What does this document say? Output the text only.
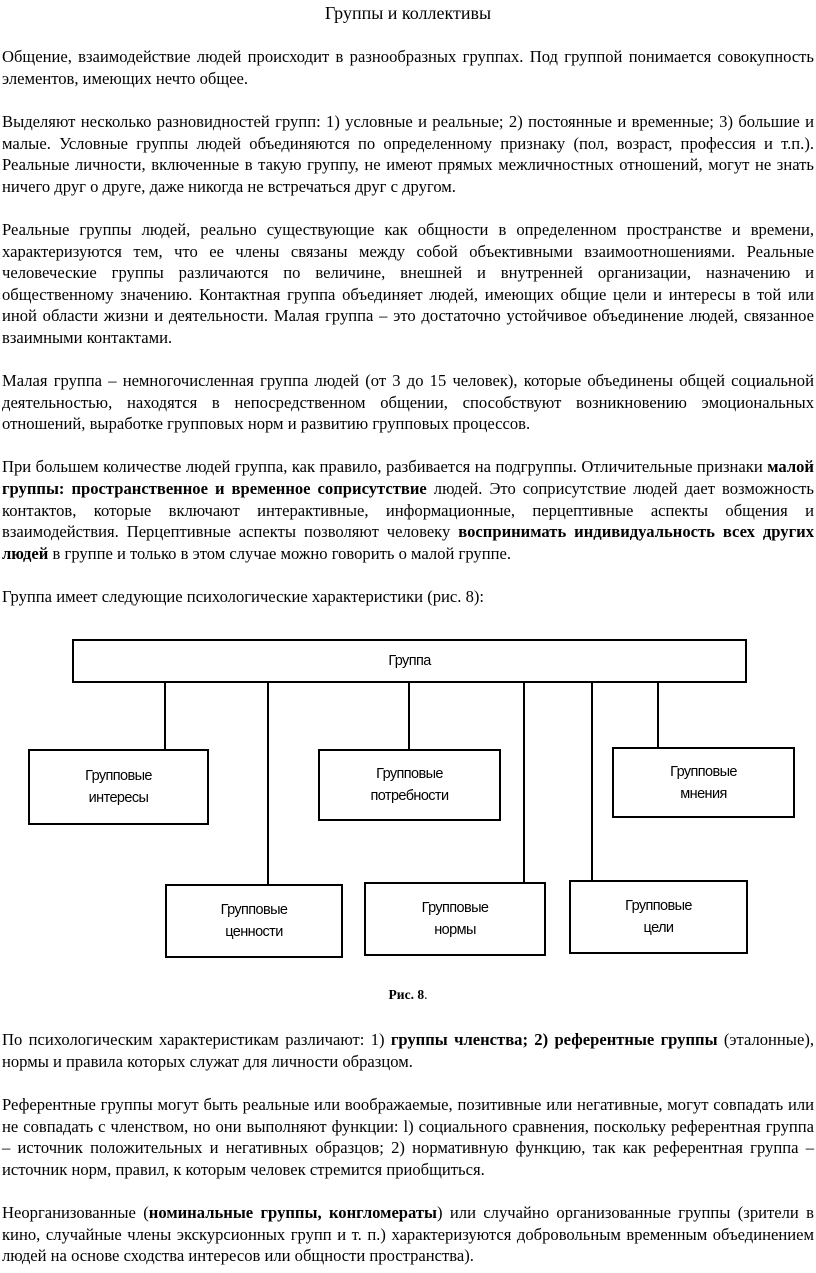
Группы и коллективы

Общение, взаимодействие людей происходит в разнообразных группах. Под группой понимается совокупность элементов, имеющих нечто общее.

Выделяют несколько разновидностей групп: 1) условные и реальные; 2) постоянные и временные; 3) большие и малые. Условные группы людей объединяются по определенному признаку (пол, возраст, профессия и т.п.). Реальные личности, включенные в такую группу, не имеют прямых межличностных отношений, могут не знать ничего друг о друге, даже никогда не встречаться друг с другом.

Реальные группы людей, реально существующие как общности в определенном пространстве и времени, характеризуются тем, что ее члены связаны между собой объективными взаимоотношениями. Реальные человеческие группы различаются по величине, внешней и внутренней организации, назначению и общественному значению. Контактная группа объединяет людей, имеющих общие цели и интересы в той или иной области жизни и деятельности. Малая группа – это достаточно устойчивое объединение людей, связанное взаимными контактами.

Малая группа – немногочисленная группа людей (от 3 до 15 человек), которые объединены общей социальной деятельностью, находятся в непосредственном общении, способствуют возникновению эмоциональных отношений, выработке групповых норм и развитию групповых процессов.

При большем количестве людей группа, как правило, разбивается на подгруппы. Отличительные признаки малой группы: пространственное и временное соприсутствие людей. Это соприсутствие людей дает возможность контактов, которые включают интерактивные, информационные, перцептивные аспекты общения и взаимодействия. Перцептивные аспекты позволяют человеку воспринимать индивидуальность всех других людей в группе и только в этом случае можно говорить о малой группе.

Группа имеет следующие психологические характеристики (рис. 8):

Группа
Групповые
интересы
Групповые
потребности
Групповые
мнения
Групповые
ценности
Групповые
нормы
Групповые
цели
Рис. 8.

По психологическим характеристикам различают: 1) группы членства; 2) референтные группы (эталонные), нормы и правила которых служат для личности образцом.

Референтные группы могут быть реальные или воображаемые, позитивные или негативные, могут совпадать или не совпадать с членством, но они выполняют функции: l) социального сравнения, поскольку референтная группа – источник положительных и негативных образцов; 2) нормативную функцию, так как референтная группа – источник норм, правил, к которым человек стремится приобщиться.

Неорганизованные (номинальные группы, конгломераты) или случайно организованные группы (зрители в кино, случайные члены экскурсионных групп и т. п.) характеризуются добровольным временным объединением людей на основе сходства интересов или общности пространства).
